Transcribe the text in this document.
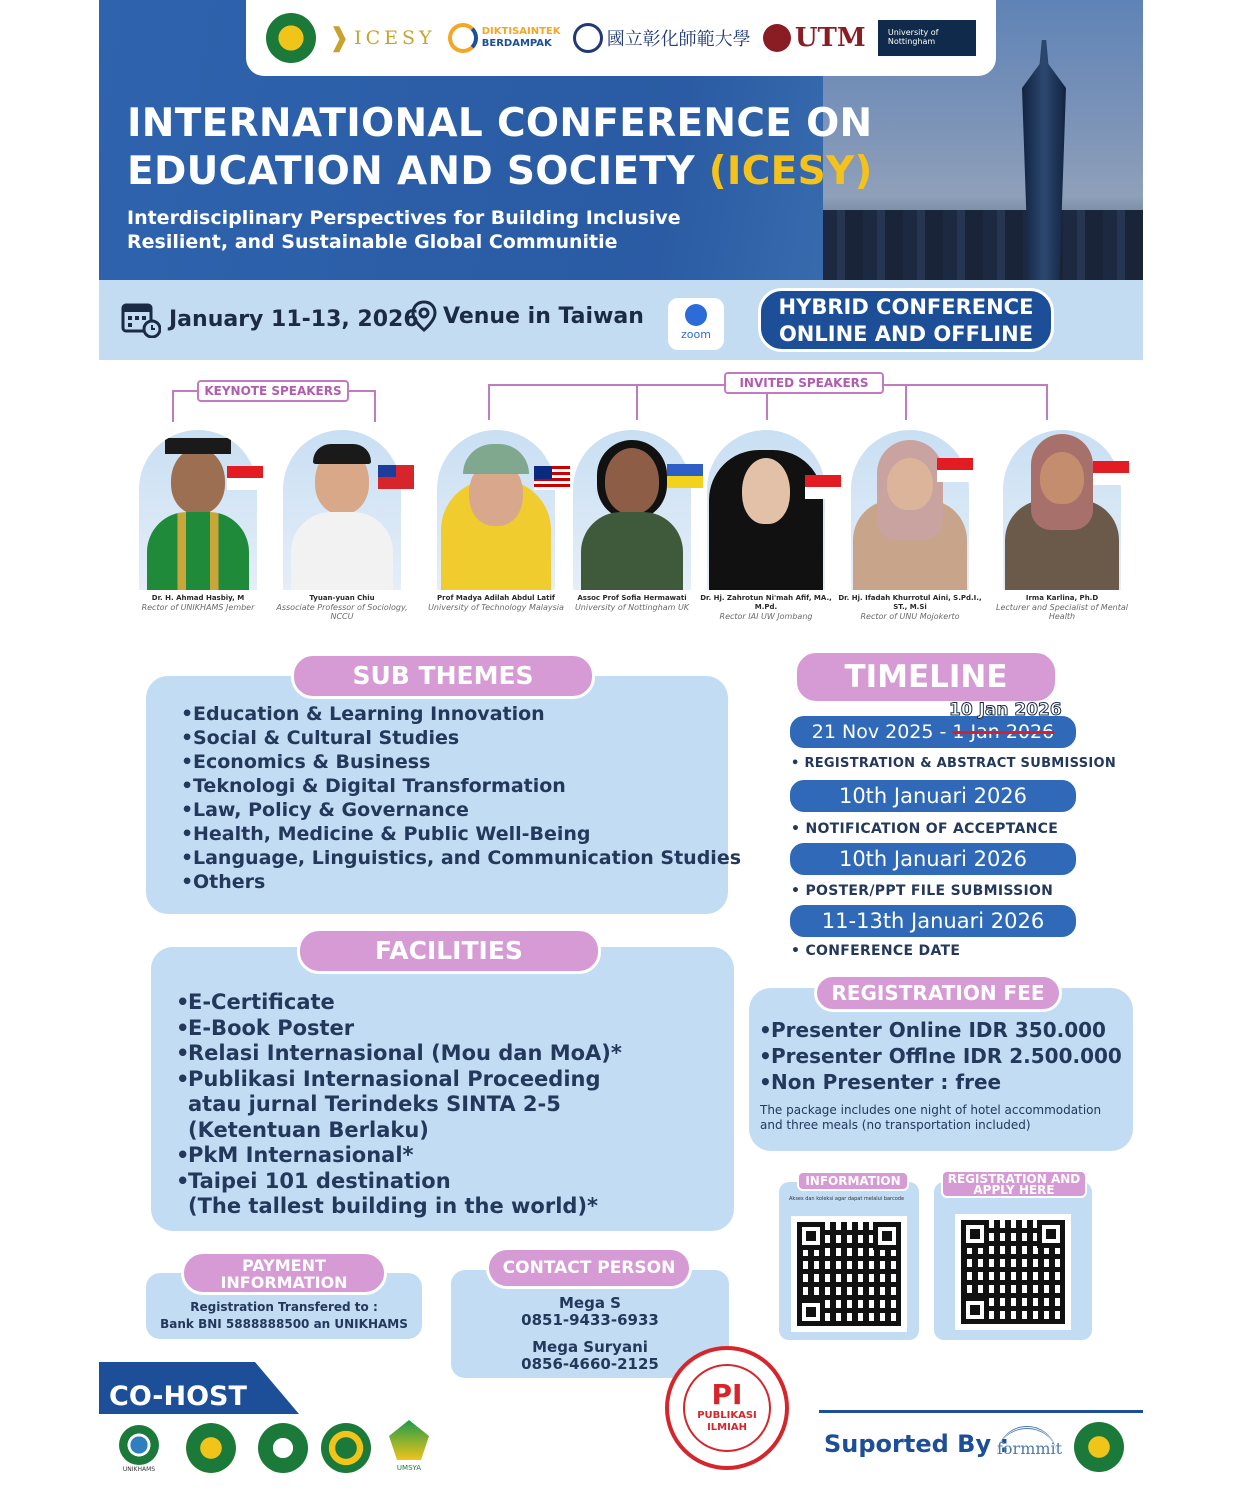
❱ ICESY	DIKTISAINTEK
BERDAMPAK	國立彰化師範大學 UTM	University of Nottingham
INTERNATIONAL CONFERENCE ON
EDUCATION AND SOCIETY (ICESY)
Interdisciplinary Perspectives for Building Inclusive
Resilient, and Sustainable Global Communitie
January 11-13, 2026 Venue in Taiwan
zoom
HYBRID CONFERENCE
ONLINE AND OFFLINE
KEYNOTE SPEAKERS
INVITED SPEAKERS
Dr. H. Ahmad Hasbiy, M
Rector of UNIKHAMS Jember
Tyuan-yuan Chiu
Associate Professor of Sociology, NCCU
Prof Madya Adilah Abdul Latif
University of Technology Malaysia
Assoc Prof Sofia Hermawati
University of Nottingham UK
Dr. Hj. Zahrotun Ni'mah Afif, MA., M.Pd.
Rector IAI UW Jombang
Dr. Hj. Ifadah Khurrotul Aini, S.Pd.I., ST., M.Si
Rector of UNU Mojokerto
Irma Karlina, Ph.D
Lecturer and Specialist of Mental Health
SUB THEMES
• Education & Learning Innovation
• Social & Cultural Studies
• Economics & Business
• Teknologi & Digital Transformation
• Law, Policy & Governance
• Health, Medicine & Public Well-Being
• Language, Linguistics, and Communication Studies
• Others
FACILITIES
• E-Certificate
• E-Book Poster
• Relasi Internasional (Mou dan MoA)*
• Publikasi Internasional Proceeding
atau jurnal Terindeks SINTA 2-5
(Ketentuan Berlaku)
• PkM Internasional*
• Taipei 101 destination
(The tallest building in the world)*
TIMELINE
21 Nov 2025 - 1 Jan 2026
10 Jan 2026
• REGISTRATION & ABSTRACT SUBMISSION
10th Januari 2026
• NOTIFICATION OF ACCEPTANCE
10th Januari 2026
• POSTER/PPT FILE SUBMISSION
11-13th Januari 2026
• CONFERENCE DATE
REGISTRATION FEE
• Presenter Online IDR 350.000
• Presenter Offlne IDR 2.500.000
• Non Presenter : free
The package includes one night of hotel accommodation
and three meals (no transportation included)
INFORMATION
Akses dan koleksi agar dapat melalui barcode
REGISTRATION AND
APPLY HERE
PAYMENT
INFORMATION
Registration Transfered to :
Bank BNI 5888888500 an UNIKHAMS
CONTACT PERSON
Mega S
0851-9433-6933
Mega Suryani
0856-4660-2125
CO-HOST
UNIKHAMS	UMSYA
PI
PUBLIKASI
ILMIAH
Suported By :
formmit
